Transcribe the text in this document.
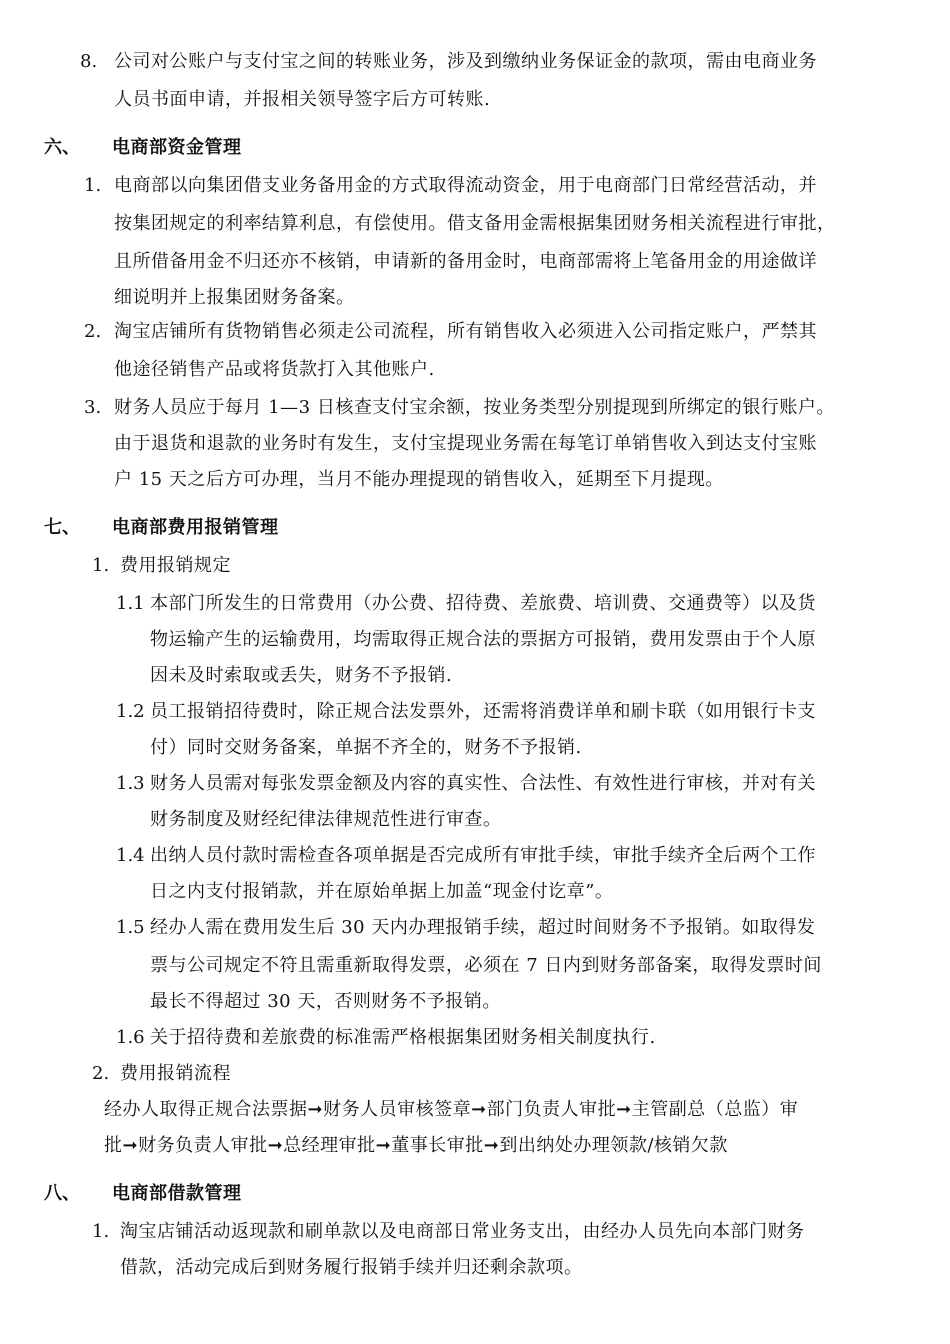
8. 公司对公账户与支付宝之间的转账业务，涉及到缴纳业务保证金的款项，需由电商业务
人员书面申请，并报相关领导签字后方可转账.
六、 电商部资金管理
1. 电商部以向集团借支业务备用金的方式取得流动资金，用于电商部门日常经营活动，并
按集团规定的利率结算利息，有偿使用。借支备用金需根据集团财务相关流程进行审批，
且所借备用金不归还亦不核销，申请新的备用金时，电商部需将上笔备用金的用途做详
细说明并上报集团财务备案。
2. 淘宝店铺所有货物销售必须走公司流程，所有销售收入必须进入公司指定账户，严禁其
他途径销售产品或将货款打入其他账户.
3. 财务人员应于每月 1—3 日核查支付宝余额，按业务类型分别提现到所绑定的银行账户。
由于退货和退款的业务时有发生，支付宝提现业务需在每笔订单销售收入到达支付宝账
户 15 天之后方可办理，当月不能办理提现的销售收入，延期至下月提现。
七、 电商部费用报销管理
1. 费用报销规定
1.1 本部门所发生的日常费用（办公费、招待费、差旅费、培训费、交通费等）以及货
物运输产生的运输费用，均需取得正规合法的票据方可报销，费用发票由于个人原
因未及时索取或丢失，财务不予报销.
1.2 员工报销招待费时，除正规合法发票外，还需将消费详单和刷卡联（如用银行卡支
付）同时交财务备案，单据不齐全的，财务不予报销.
1.3 财务人员需对每张发票金额及内容的真实性、合法性、有效性进行审核，并对有关
财务制度及财经纪律法律规范性进行审查。
1.4 出纳人员付款时需检查各项单据是否完成所有审批手续，审批手续齐全后两个工作
日之内支付报销款，并在原始单据上加盖“现金付讫章”。
1.5 经办人需在费用发生后 30 天内办理报销手续，超过时间财务不予报销。如取得发
票与公司规定不符且需重新取得发票，必须在 7 日内到财务部备案，取得发票时间
最长不得超过 30 天，否则财务不予报销。
1.6 关于招待费和差旅费的标准需严格根据集团财务相关制度执行.
2. 费用报销流程
经办人取得正规合法票据➞财务人员审核签章➞部门负责人审批➞主管副总（总监）审
批➞财务负责人审批➞总经理审批➞董事长审批➞到出纳处办理领款/核销欠款
八、 电商部借款管理
1. 淘宝店铺活动返现款和刷单款以及电商部日常业务支出，由经办人员先向本部门财务
借款，活动完成后到财务履行报销手续并归还剩余款项。
